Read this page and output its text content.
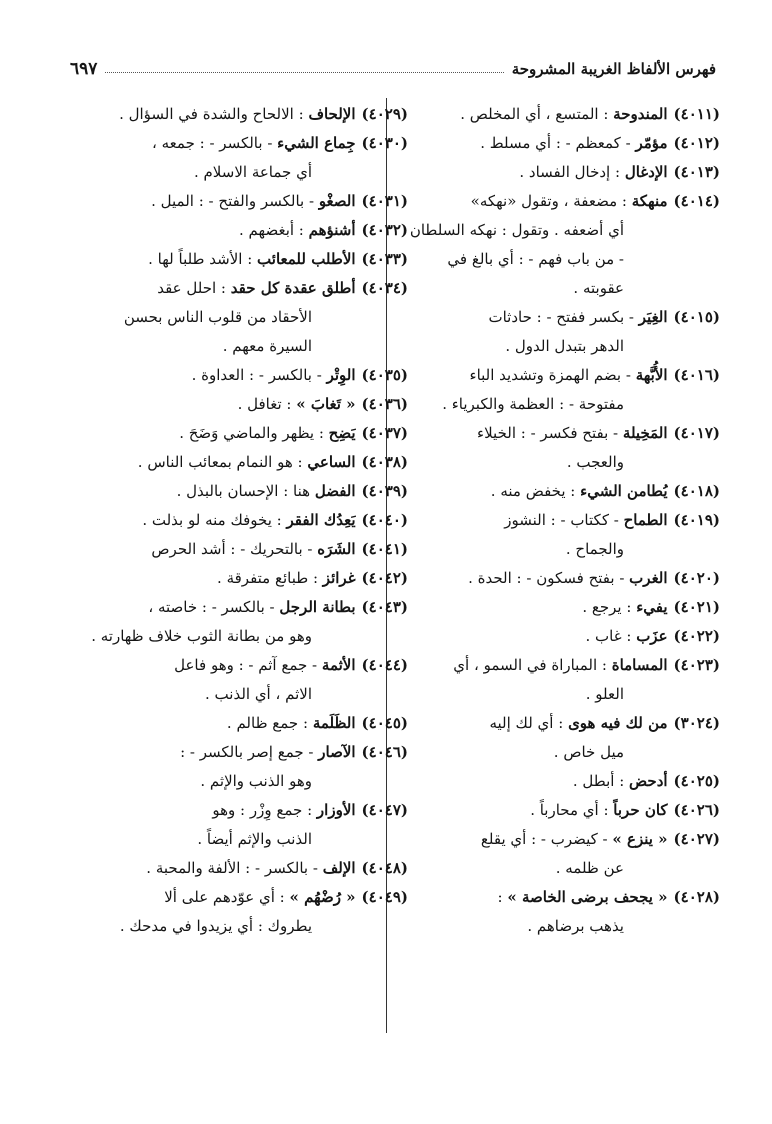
فهرس الألفاظ الغريبة المشروحة
٦٩٧

(٤٠١١)المندوحة : المتسع ، أي المخلص .

(٤٠١٢)مؤمّر - كمعظم - : أي مسلط .

(٤٠١٣)الإدغال : إدخال الفساد .

(٤٠١٤)منهكة : مضعفة ، وتقول «نهكه»
أي أضعفه . وتقول : نهكه السلطان
- من باب فهم - : أي بالغ في
عقوبته .

(٤٠١٥)الغِيَر - بكسر ففتح - : حادثات
الدهر بتبدل الدول .

(٤٠١٦)الأُبَّهة - بضم الهمزة وتشديد الباء
مفتوحة - : العظمة والكبرياء .

(٤٠١٧)المَخِيلة - بفتح فكسر - : الخيلاء
والعجب .

(٤٠١٨)يُطامن الشيء : يخفض منه .

(٤٠١٩)الطماح - ككتاب - : النشوز
والجماح .

(٤٠٢٠)الغرب - بفتح فسكون - : الحدة .

(٤٠٢١)يفيء : يرجع .

(٤٠٢٢)عزَب : غاب .

(٤٠٢٣)المساماة : المباراة في السمو ، أي
العلو .

(٣٠٢٤)من لك فيه هوى : أي لك إليه
ميل خاص .

(٤٠٢٥)أدحض : أبطل .

(٤٠٢٦)كان حرباً : أي محارباً .

(٤٠٢٧)« ينزع » - كيضرب - : أي يقلع
عن ظلمه .

(٤٠٢٨)« يجحف برضى الخاصة » :
يذهب برضاهم .

(٤٠٢٩)الإلحاف : الالحاح والشدة في السؤال .

(٤٠٣٠)جِماع الشيء - بالكسر - : جمعه ،
أي جماعة الاسلام .

(٤٠٣١)الصغْو - بالكسر والفتح - : الميل .

(٤٠٣٢)أشنؤهم : أبغضهم .

(٤٠٣٣)الأطلب للمعائب : الأشد طلباً لها .

(٤٠٣٤)أطلق عقدة كل حقد : احلل عقد
الأحقاد من قلوب الناس بحسن
السيرة معهم .

(٤٠٣٥)الوِتْر - بالكسر - : العداوة .

(٤٠٣٦)« تَغابَ » : تغافل .

(٤٠٣٧)يَضِح : يظهر والماضي وَضَحَ .

(٤٠٣٨)الساعي : هو النمام بمعائب الناس .

(٤٠٣٩)الفضل هنا : الإحسان بالبذل .

(٤٠٤٠)يَعِدُك الفقر : يخوفك منه لو بذلت .

(٤٠٤١)الشَرَه - بالتحريك - : أشد الحرص

(٤٠٤٢)غرائز : طبائع متفرقة .

(٤٠٤٣)بطانة الرجل - بالكسر - : خاصته ،
وهو من بطانة الثوب خلاف ظهارته .

(٤٠٤٤)الأثمة - جمع آثم - : وهو فاعل
الاثم ، أي الذنب .

(٤٠٤٥)الظَلَمة : جمع ظالم .

(٤٠٤٦)الآصار - جمع إصر بالكسر - :
وهو الذنب والإثم .

(٤٠٤٧)الأوزار : جمع وِزْر : وهو
الذنب والإثم أيضاً .

(٤٠٤٨)الإلف - بالكسر - : الألفة والمحبة .

(٤٠٤٩)« رُضْهُم » : أي عوّدهم على ألا
يطروك : أي يزيدوا في مدحك .
